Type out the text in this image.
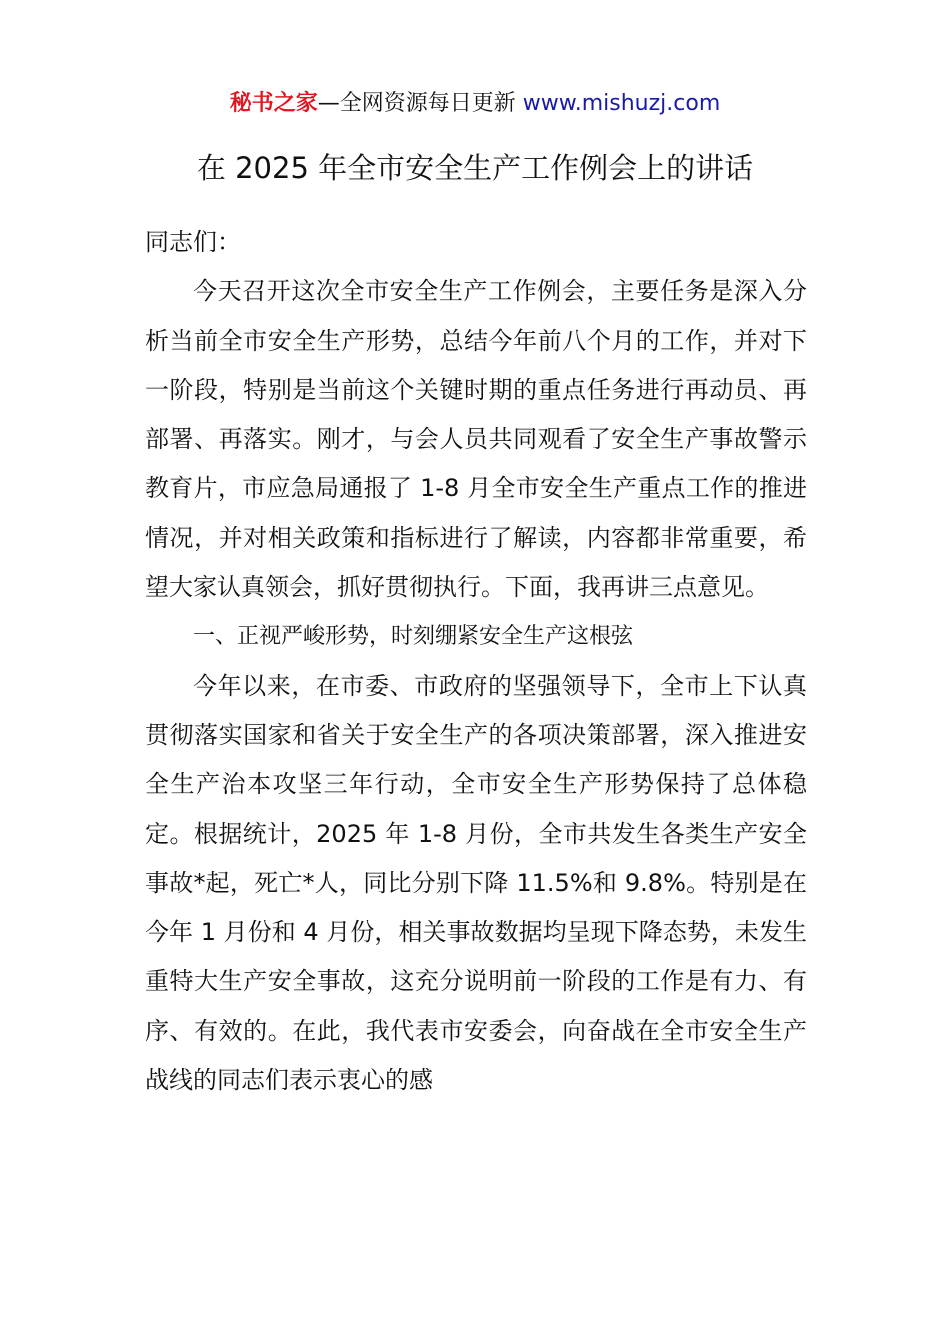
秘书之家—全网资源每日更新 www.mishuzj.com
在 2025 年全市安全生产工作例会上的讲话

同志们：

今天召开这次全市安全生产工作例会，主要任务是深入分析当前全市安全生产形势，总结今年前八个月的工作，并对下一阶段，特别是当前这个关键时期的重点任务进行再动员、再部署、再落实。刚才，与会人员共同观看了安全生产事故警示教育片，市应急局通报了 1-8 月全市安全生产重点工作的推进情况，并对相关政策和指标进行了解读，内容都非常重要，希望大家认真领会，抓好贯彻执行。下面，我再讲三点意见。

一、正视严峻形势，时刻绷紧安全生产这根弦

今年以来，在市委、市政府的坚强领导下，全市上下认真贯彻落实国家和省关于安全生产的各项决策部署，深入推进安全生产治本攻坚三年行动，全市安全生产形势保持了总体稳定。根据统计，2025 年 1-8 月份，全市共发生各类生产安全事故*起，死亡*人，同比分别下降 11.5%和 9.8%。特别是在今年 1 月份和 4 月份，相关事故数据均呈现下降态势，未发生重特大生产安全事故，这充分说明前一阶段的工作是有力、有序、有效的。在此，我代表市安委会，向奋战在全市安全生产战线的同志们表示衷心的感
